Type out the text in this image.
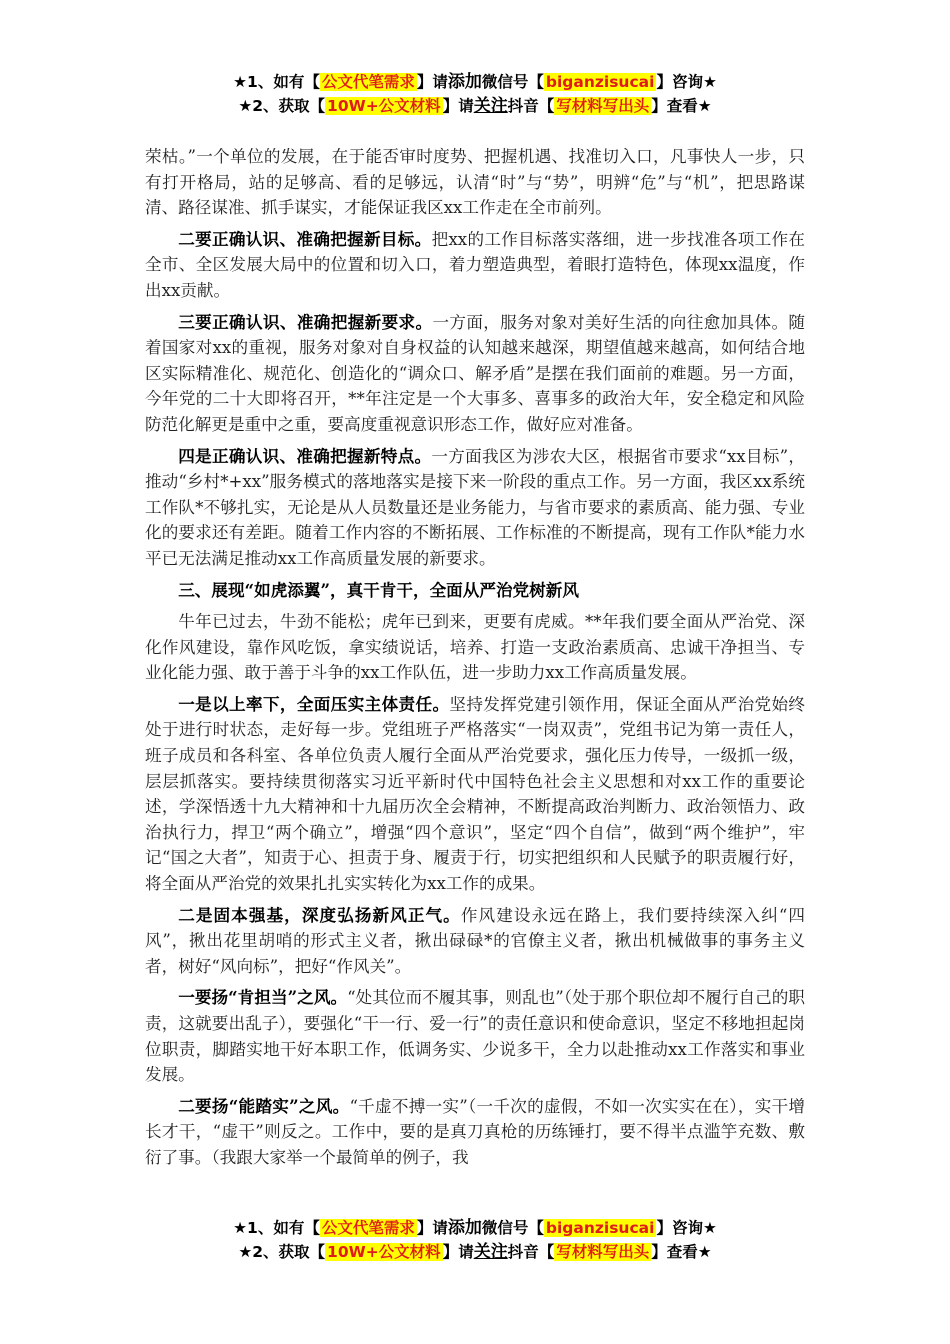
★1、如有【 公文代笔需求 】请添加微信号【 biganzisucai 】咨询★
★2、获取【 10W+公文材料 】请关注抖音【 写材料写出头 】查看★

荣枯。”一个单位的发展，在于能否审时度势、把握机遇、找准切入口，凡事快人一步，只有打开格局，站的足够高、看的足够远，认清“时”与“势”，明辨“危”与“机”，把思路谋清、路径谋准、抓手谋实，才能保证我区xx工作走在全市前列。

二要正确认识、准确把握新目标。把xx的工作目标落实落细，进一步找准各项工作在全市、全区发展大局中的位置和切入口，着力塑造典型，着眼打造特色，体现xx温度，作出xx贡献。

三要正确认识、准确把握新要求。一方面，服务对象对美好生活的向往愈加具体。随着国家对xx的重视，服务对象对自身权益的认知越来越深，期望值越来越高，如何结合地区实际精准化、规范化、创造化的“调众口、解矛盾”是摆在我们面前的难题。另一方面，今年党的二十大即将召开，**年注定是一个大事多、喜事多的政治大年，安全稳定和风险防范化解更是重中之重，要高度重视意识形态工作，做好应对准备。

四是正确认识、准确把握新特点。一方面我区为涉农大区，根据省市要求“xx目标”，推动“乡村*+xx”服务模式的落地落实是接下来一阶段的重点工作。另一方面，我区xx系统工作队*不够扎实，无论是从人员数量还是业务能力，与省市要求的素质高、能力强、专业化的要求还有差距。随着工作内容的不断拓展、工作标准的不断提高，现有工作队*能力水平已无法满足推动xx工作高质量发展的新要求。

三、展现“如虎添翼”，真干肯干，全面从严治党树新风

牛年已过去，牛劲不能松；虎年已到来，更要有虎威。**年我们要全面从严治党、深化作风建设，靠作风吃饭，拿实绩说话，培养、打造一支政治素质高、忠诚干净担当、专业化能力强、敢于善于斗争的xx工作队伍，进一步助力xx工作高质量发展。

一是以上率下，全面压实主体责任。坚持发挥党建引领作用，保证全面从严治党始终处于进行时状态，走好每一步。党组班子严格落实“一岗双责”，党组书记为第一责任人，班子成员和各科室、各单位负责人履行全面从严治党要求，强化压力传导，一级抓一级，层层抓落实。要持续贯彻落实习近平新时代中国特色社会主义思想和对xx工作的重要论述，学深悟透十九大精神和十九届历次全会精神，不断提高政治判断力、政治领悟力、政治执行力，捍卫“两个确立”，增强“四个意识”，坚定“四个自信”，做到“两个维护”，牢记“国之大者”，知责于心、担责于身、履责于行，切实把组织和人民赋予的职责履行好，将全面从严治党的效果扎扎实实转化为xx工作的成果。

二是固本强基，深度弘扬新风正气。作风建设永远在路上，我们要持续深入纠“四风”，揪出花里胡哨的形式主义者，揪出碌碌*的官僚主义者，揪出机械做事的事务主义者，树好“风向标”，把好“作风关”。

一要扬“肯担当”之风。“处其位而不履其事，则乱也”（处于那个职位却不履行自己的职责，这就要出乱子），要强化“干一行、爱一行”的责任意识和使命意识，坚定不移地担起岗位职责，脚踏实地干好本职工作，低调务实、少说多干，全力以赴推动xx工作落实和事业发展。

二要扬“能踏实”之风。“千虚不搏一实”（一千次的虚假，不如一次实实在在），实干增长才干，“虚干”则反之。工作中，要的是真刀真枪的历练锤打，要不得半点滥竽充数、敷衍了事。（我跟大家举一个最简单的例子，我

★1、如有【 公文代笔需求 】请添加微信号【 biganzisucai 】咨询★
★2、获取【 10W+公文材料 】请关注抖音【 写材料写出头 】查看★
